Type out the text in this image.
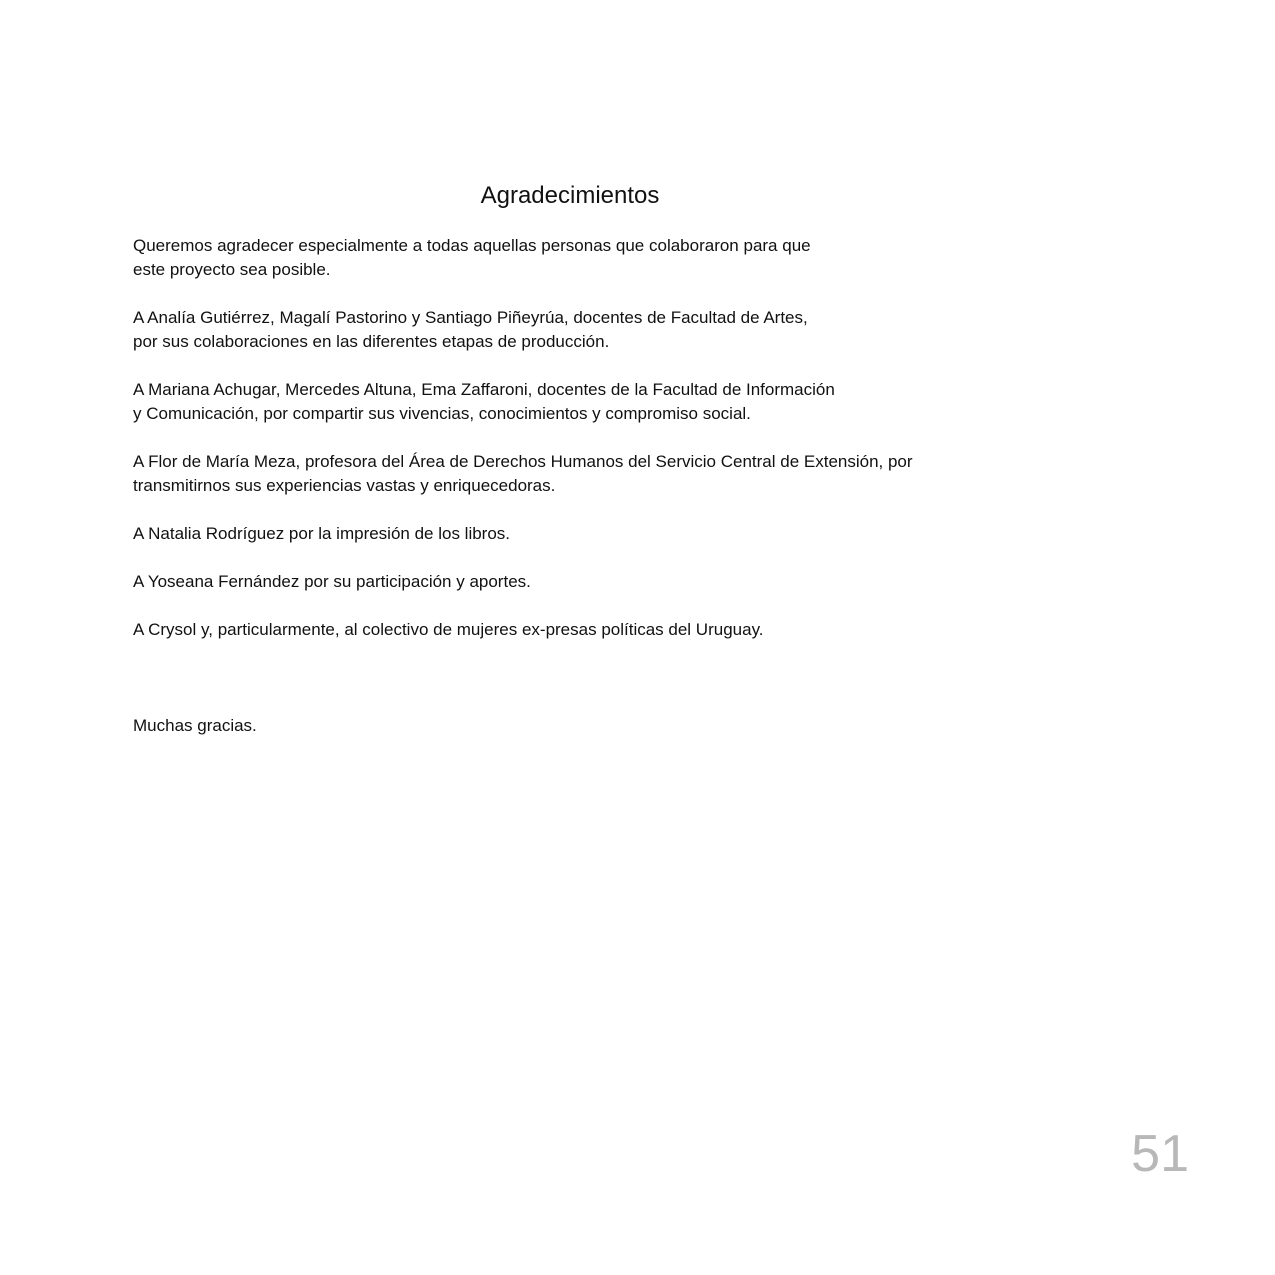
Agradecimientos

Queremos agradecer especialmente a todas aquellas personas que colaboraron para que
este proyecto sea posible.

A Analía Gutiérrez, Magalí Pastorino y Santiago Piñeyrúa, docentes de Facultad de Artes,
por sus colaboraciones en las diferentes etapas de producción.

A Mariana Achugar, Mercedes Altuna, Ema Zaffaroni, docentes de la Facultad de Información
y Comunicación, por compartir sus vivencias, conocimientos y compromiso social.

A Flor de María Meza, profesora del Área de Derechos Humanos del Servicio Central de Extensión, por
transmitirnos sus experiencias vastas y enriquecedoras.

A Natalia Rodríguez por la impresión de los libros.

A Yoseana Fernández por su participación y aportes.

A Crysol y, particularmente, al colectivo de mujeres ex-presas políticas del Uruguay.

Muchas gracias.

51
